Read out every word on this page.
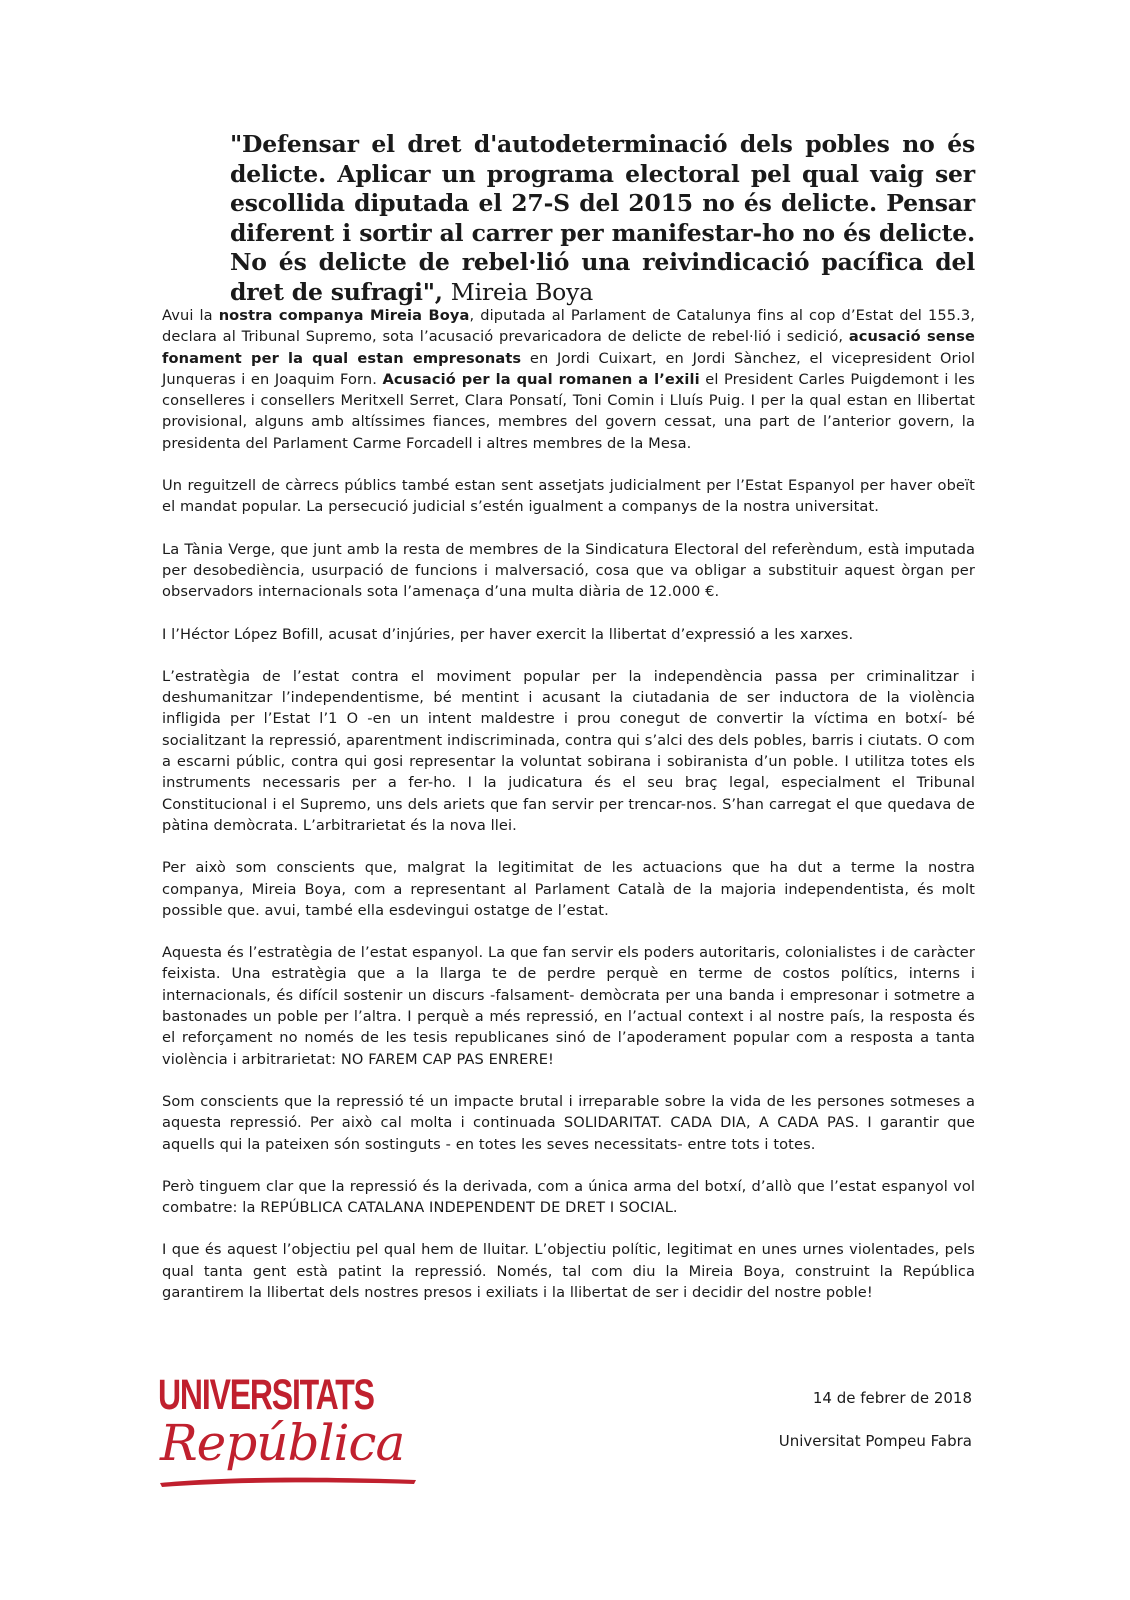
"Defensar el dret d'autodeterminació dels pobles no és delicte. Aplicar un programa electoral pel qual vaig ser escollida diputada el 27-S del 2015 no és delicte. Pensar diferent i sortir al carrer per manifestar-ho no és delicte. No és delicte de rebel·lió una reivindicació pacífica del dret de sufragi", Mireia Boya

Avui la nostra companya Mireia Boya, diputada al Parlament de Catalunya fins al cop d’Estat del 155.3, declara al Tribunal Supremo, sota l’acusació prevaricadora de delicte de rebel·lió i sedició, acusació sense fonament per la qual estan empresonats en Jordi Cuixart, en Jordi Sànchez, el vicepresident Oriol Junqueras i en Joaquim Forn. Acusació per la qual romanen a l’exili el President Carles Puigdemont i les conselleres i consellers Meritxell Serret, Clara Ponsatí, Toni Comin i Lluís Puig. I per la qual estan en llibertat provisional, alguns amb altíssimes fiances, membres del govern cessat, una part de l’anterior govern, la presidenta del Parlament Carme Forcadell i altres membres de la Mesa.

Un reguitzell de càrrecs públics també estan sent assetjats judicialment per l’Estat Espanyol per haver obeït el mandat popular. La persecució judicial s’estén igualment a companys de la nostra universitat.

La Tània Verge, que junt amb la resta de membres de la Sindicatura Electoral del referèndum, està imputada per desobediència, usurpació de funcions i malversació, cosa que va obligar a substituir aquest òrgan per observadors internacionals sota l’amenaça d’una multa diària de 12.000 €.

I l’Héctor López Bofill, acusat d’injúries, per haver exercit la llibertat d’expressió a les xarxes.

L’estratègia de l’estat contra el moviment popular per la independència passa per criminalitzar i deshumanitzar l’independentisme, bé mentint i acusant la ciutadania de ser inductora de la violència infligida per l’Estat l’1 O -en un intent maldestre i prou conegut de convertir la víctima en botxí- bé socialitzant la repressió, aparentment indiscriminada, contra qui s’alci des dels pobles, barris i ciutats. O com a escarni públic, contra qui gosi representar la voluntat sobirana i sobiranista d’un poble. I utilitza totes els instruments necessaris per a fer-ho. I la judicatura és el seu braç legal, especialment el Tribunal Constitucional i el Supremo, uns dels ariets que fan servir per trencar-nos. S’han carregat el que quedava de pàtina demòcrata. L’arbitrarietat és la nova llei.

Per això som conscients que, malgrat la legitimitat de les actuacions que ha dut a terme la nostra companya, Mireia Boya, com a representant al Parlament Català de la majoria independentista, és molt possible que. avui, també ella esdevingui ostatge de l’estat.

Aquesta és l’estratègia de l’estat espanyol. La que fan servir els poders autoritaris, colonialistes i de caràcter feixista. Una estratègia que a la llarga te de perdre perquè en terme de costos polítics, interns i internacionals, és difícil sostenir un discurs -falsament- demòcrata per una banda i empresonar i sotmetre a bastonades un poble per l’altra. I perquè a més repressió, en l’actual context i al nostre país, la resposta és el reforçament no només de les tesis republicanes sinó de l’apoderament popular com a resposta a tanta violència i arbitrarietat: NO FAREM CAP PAS ENRERE!

Som conscients que la repressió té un impacte brutal i irreparable sobre la vida de les persones sotmeses a aquesta repressió. Per això cal molta i continuada SOLIDARITAT. CADA DIA, A CADA PAS. I garantir que aquells qui la pateixen són sostinguts - en totes les seves necessitats- entre tots i totes.

Però tinguem clar que la repressió és la derivada, com a única arma del botxí, d’allò que l’estat espanyol vol combatre: la REPÚBLICA CATALANA INDEPENDENT DE DRET I SOCIAL.

I que és aquest l’objectiu pel qual hem de lluitar. L’objectiu polític, legitimat en unes urnes violentades, pels qual tanta gent està patint la repressió. Només, tal com diu la Mireia Boya, construint la República garantirem la llibertat dels nostres presos i exiliats i la llibertat de ser i decidir del nostre poble!

UNIVERSITATS
República
14 de febrer de 2018
Universitat Pompeu Fabra
